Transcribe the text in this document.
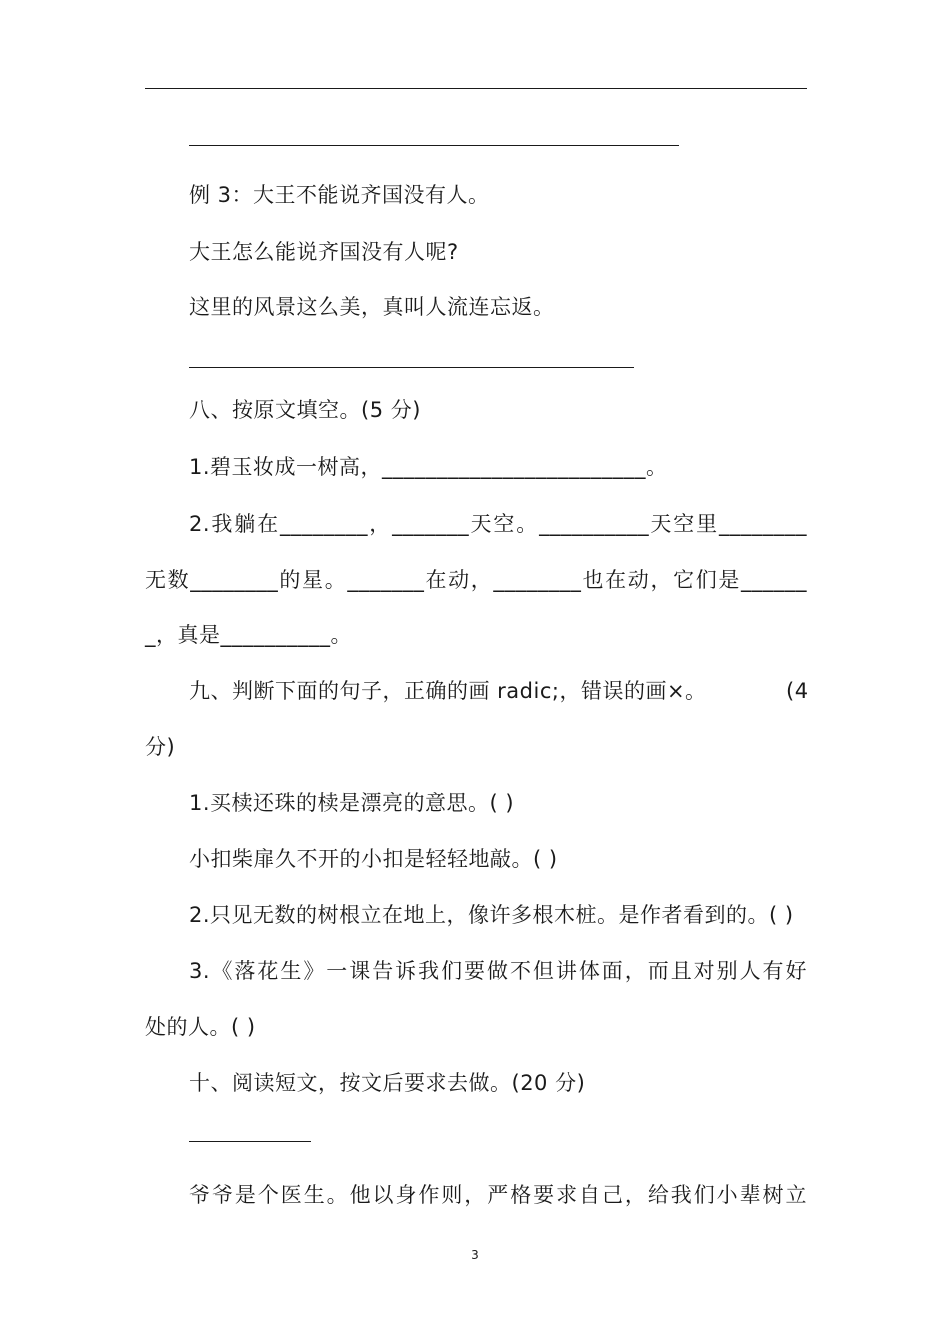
例 3：大王不能说齐国没有人。
大王怎么能说齐国没有人呢?
这里的风景这么美，真叫人流连忘返。
八、按原文填空。(5 分)
1.碧玉妆成一树高，________________________。
2.我躺在________，_______天空。__________天空里________
无数________的星。_______在动，________也在动，它们是______
_，真是__________。
九、判断下面的句子，正确的画 radic;，错误的画×。	(4
分)
1.买椟还珠的椟是漂亮的意思。( )
小扣柴扉久不开的小扣是轻轻地敲。( )
2.只见无数的树根立在地上，像许多根木桩。是作者看到的。( )
3.《落花生》一课告诉我们要做不但讲体面，而且对别人有好
处的人。( )
十、阅读短文，按文后要求去做。(20 分)
爷爷是个医生。他以身作则，严格要求自己，给我们小辈树立
3
